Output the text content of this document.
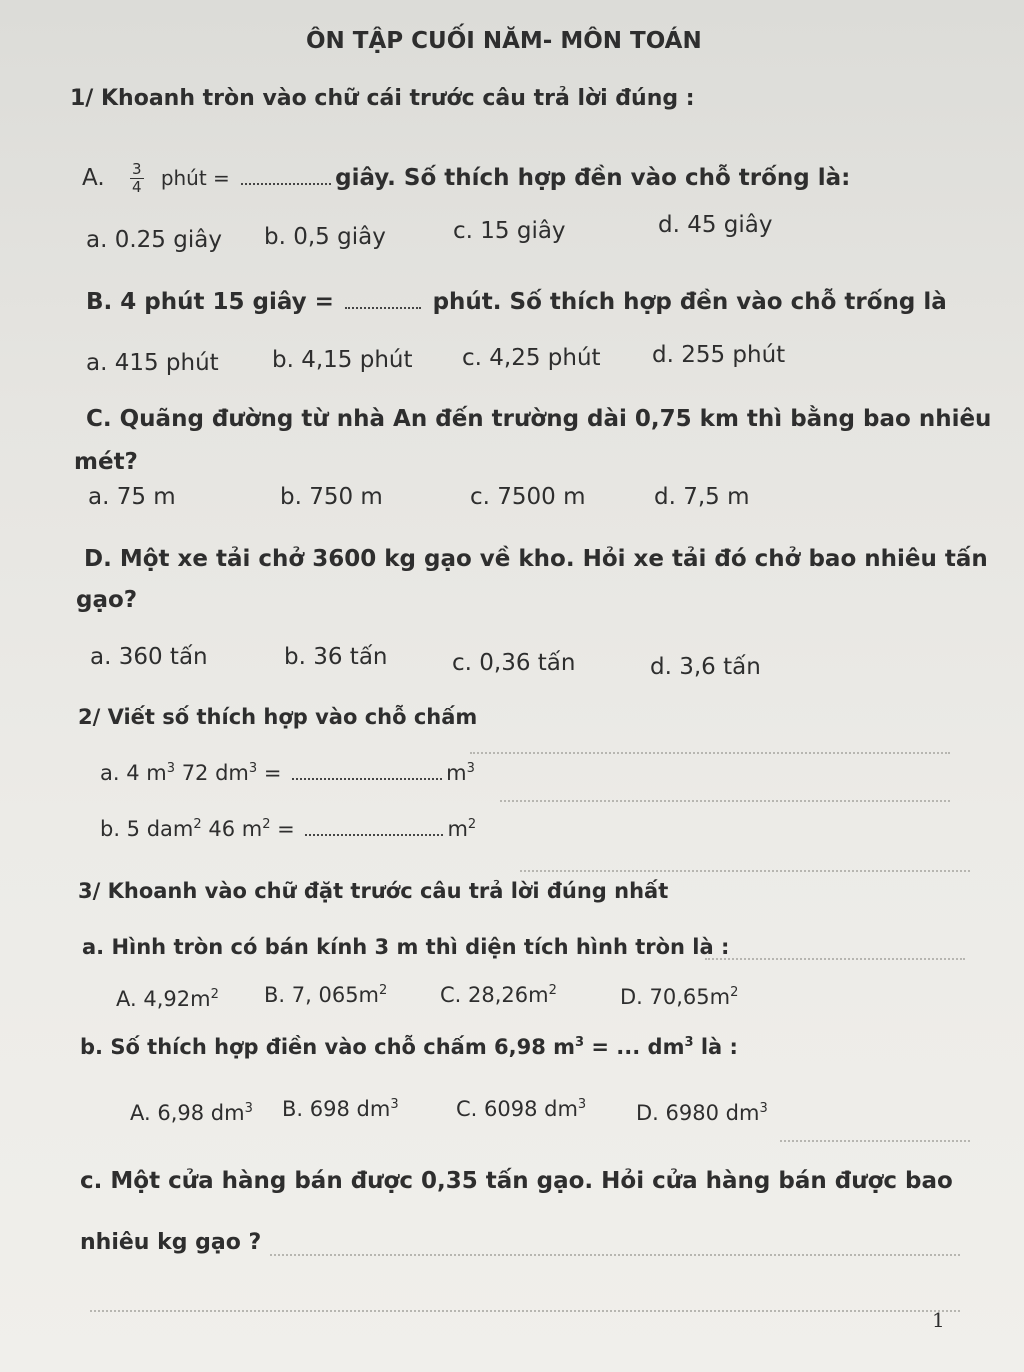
ÔN TẬP CUỐI NĂM- MÔN TOÁN
1/ Khoanh tròn vào chữ cái trước câu trả lời đúng :
A. $\frac{3}{4}$ phút =	giây. Số thích hợp đền vào chỗ trống là:
a. 0.25 giây b. 0,5 giây	c. 15 giây	d. 45 giây
B. 4 phút 15 giây =	phút. Số thích hợp đền vào chỗ trống là
a. 415 phút b. 4,15 phút c. 4,25 phút d. 255 phút
C. Quãng đường từ nhà An đến trường dài 0,75 km thì bằng bao nhiêu
mét?
a. 75 m	b. 750 m	c. 7500 m	d. 7,5 m
D. Một xe tải chở 3600 kg gạo về kho. Hỏi xe tải đó chở bao nhiêu tấn
gạo?
a. 360 tấn	b. 36 tấn	c. 0,36 tấn	d. 3,6 tấn
2/ Viết số thích hợp vào chỗ chấm
a. 4 $m^3$ 72 $dm^3$ =	$m^3$
b. 5 dam$^2$ 46 $m^2$ =	$m^2$
3/ Khoanh vào chữ đặt trước câu trả lời đúng nhất
a. Hình tròn có bán kính 3 m thì diện tích hình tròn là :
A. $4,92m^2$ B. 7, $065m^2$	C. $28,26m^2$	D. $70,65m^2$
b. Số thích hợp điền vào chỗ chấm 6,98 $m^3$ = ... $dm^3$ là :
A. 6,98 $dm^3$ B. 698 $dm^3$	C. 6098 $dm^3$ D. 6980 $dm^3$
c. Một cửa hàng bán được 0,35 tấn gạo. Hỏi cửa hàng bán được bao
nhiêu kg gạo ?
1
